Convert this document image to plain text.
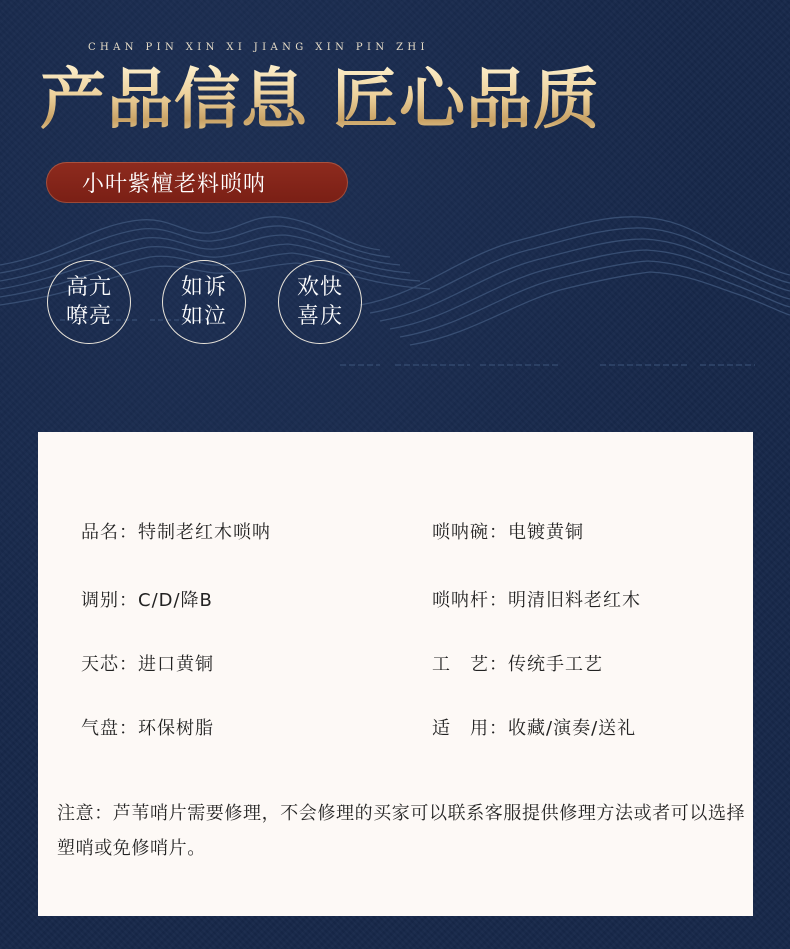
CHAN PIN XIN XI JIANG XIN PIN ZHI
产品信息 匠心品质
小叶紫檀老料唢呐
高亢
嘹亮
如诉
如泣
欢快
喜庆
品名：特制老红木唢呐	唢呐碗：电镀黄铜
调别：C/D/降B	唢呐杆：明清旧料老红木
天芯：进口黄铜	工　艺：传统手工艺
气盘：环保树脂	适　用：收藏/演奏/送礼
注意：芦苇哨片需要修理，不会修理的买家可以联系客服提供修理方法或者可以选择塑哨或免修哨片。
